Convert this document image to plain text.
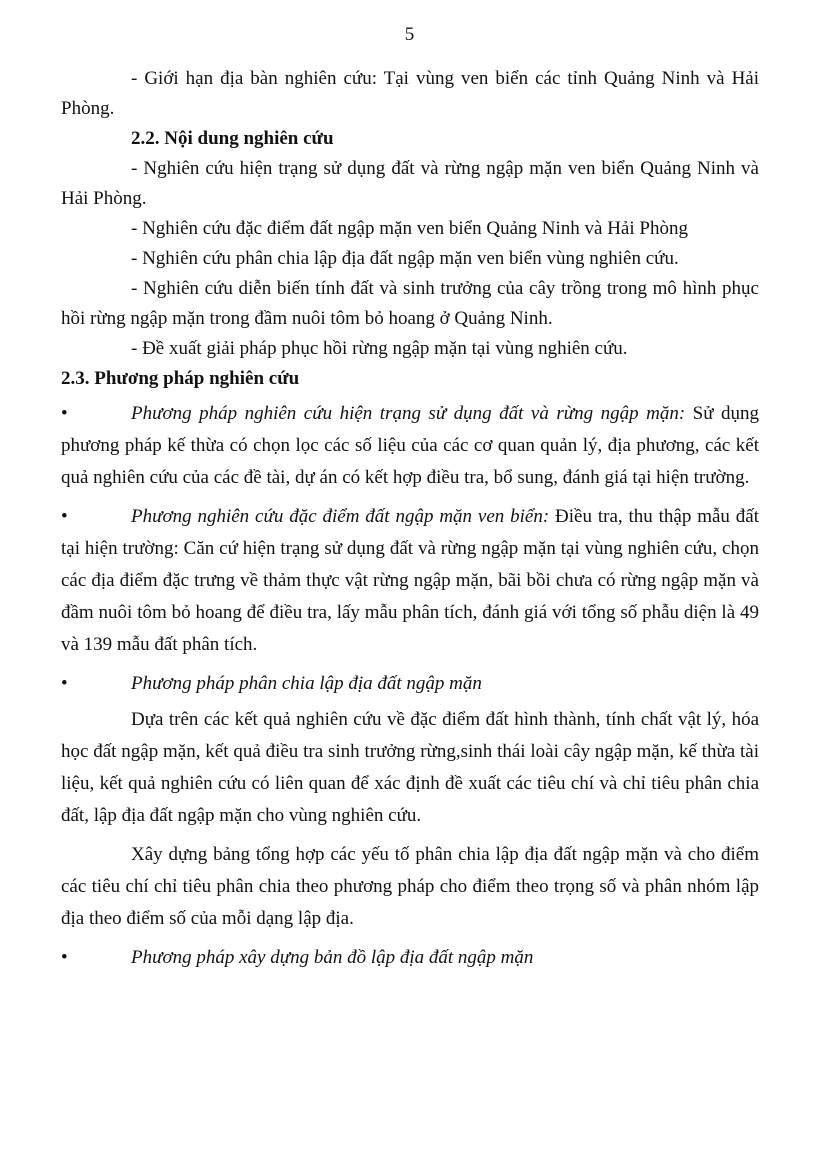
5

- Giới hạn địa bàn nghiên cứu: Tại vùng ven biển các tỉnh Quảng Ninh và Hải Phòng.

2.2. Nội dung nghiên cứu

- Nghiên cứu hiện trạng sử dụng đất và rừng ngập mặn ven biển Quảng Ninh và Hải Phòng.

- Nghiên cứu đặc điểm đất ngập mặn ven biển Quảng Ninh và Hải Phòng

- Nghiên cứu phân chia lập địa đất ngập mặn ven biển vùng nghiên cứu.

- Nghiên cứu diễn biến tính đất và sinh trưởng của cây trồng trong mô hình phục hồi rừng ngập mặn trong đầm nuôi tôm bỏ hoang ở Quảng Ninh.

- Đề xuất giải pháp phục hồi rừng ngập mặn tại vùng nghiên cứu.

2.3. Phương pháp nghiên cứu

•	Phương pháp nghiên cứu hiện trạng sử dụng đất và rừng ngập mặn: Sử dụng phương pháp kế thừa có chọn lọc các số liệu của các cơ quan quản lý, địa phương, các kết quả nghiên cứu của các đề tài, dự án có kết hợp điều tra, bổ sung, đánh giá tại hiện trường.

•	Phương nghiên cứu đặc điểm đất ngập mặn ven biển: Điều tra, thu thập mẫu đất tại hiện trường: Căn cứ hiện trạng sử dụng đất và rừng ngập mặn tại vùng nghiên cứu, chọn các địa điểm đặc trưng về thảm thực vật rừng ngập mặn, bãi bồi chưa có rừng ngập mặn và đầm nuôi tôm bỏ hoang để điều tra, lấy mẫu phân tích, đánh giá với tổng số phẫu diện là 49 và 139 mẫu đất phân tích.

•	Phương pháp phân chia lập địa đất ngập mặn

Dựa trên các kết quả nghiên cứu về đặc điểm đất hình thành, tính chất vật lý, hóa học đất ngập mặn, kết quả điều tra sinh trưởng rừng,sinh thái loài cây ngập mặn, kế thừa tài liệu, kết quả nghiên cứu có liên quan để xác định đề xuất các tiêu chí và chỉ tiêu phân chia đất, lập địa đất ngập mặn cho vùng nghiên cứu.

Xây dựng bảng tổng hợp các yếu tố phân chia lập địa đất ngập mặn và cho điểm các tiêu chí chỉ tiêu phân chia theo phương pháp cho điểm theo trọng số và phân nhóm lập địa theo điểm số của mỗi dạng lập địa.

•	Phương pháp xây dựng bản đồ lập địa đất ngập mặn
